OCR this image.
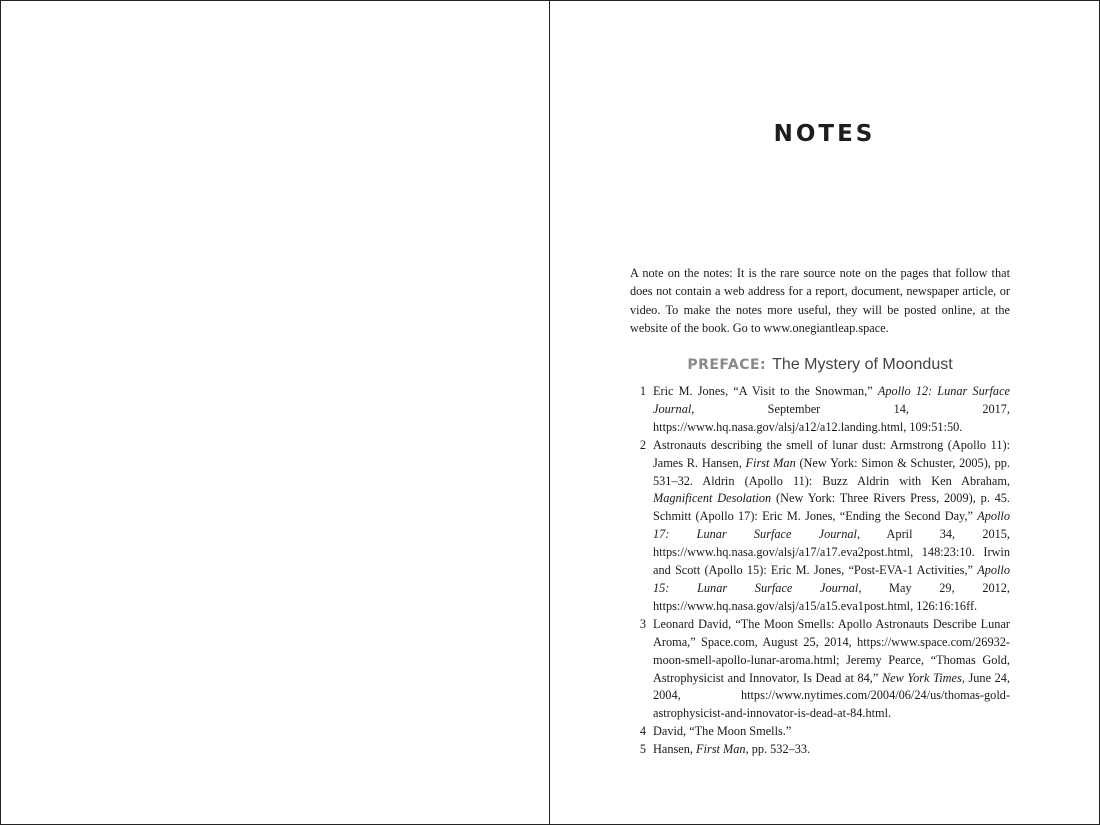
NOTES
A note on the notes: It is the rare source note on the pages that follow that does not contain a web address for a report, document, newspaper article, or video. To make the notes more useful, they will be posted online, at the website of the book. Go to www.onegiantleap.space.
PREFACE: The Mystery of Moondust
1 Eric M. Jones, “A Visit to the Snowman,” Apollo 12: Lunar Surface Journal, September 14, 2017, https://www.hq.nasa.gov/alsj/a12/a12.landing.html, 109:51:50.
2 Astronauts describing the smell of lunar dust: Armstrong (Apollo 11): James R. Hansen, First Man (New York: Simon & Schuster, 2005), pp. 531–32. Aldrin (Apollo 11): Buzz Aldrin with Ken Abraham, Magnificent Desolation (New York: Three Rivers Press, 2009), p. 45. Schmitt (Apollo 17): Eric M. Jones, “Ending the Second Day,” Apollo 17: Lunar Surface Journal, April 34, 2015, https://www.hq.nasa.gov/alsj/a17/a17.eva2post.html, 148:23:10. Irwin and Scott (Apollo 15): Eric M. Jones, “Post-EVA-1 Activities,” Apollo 15: Lunar Surface Journal, May 29, 2012, https://www.hq.nasa.gov/alsj/a15/a15.eva1post.html, 126:16:16ff.
3 Leonard David, “The Moon Smells: Apollo Astronauts Describe Lunar Aroma,” Space.com, August 25, 2014, https://www.space.com/26932-moon-smell-apollo-lunar-aroma.html; Jeremy Pearce, “Thomas Gold, Astrophysicist and Innovator, Is Dead at 84,” New York Times, June 24, 2004, https://www.nytimes.com/2004/06/24/us/thomas-gold-astrophysicist-and-innovator-is-dead-at-84.html.
4 David, “The Moon Smells.”
5 Hansen, First Man, pp. 532–33.
